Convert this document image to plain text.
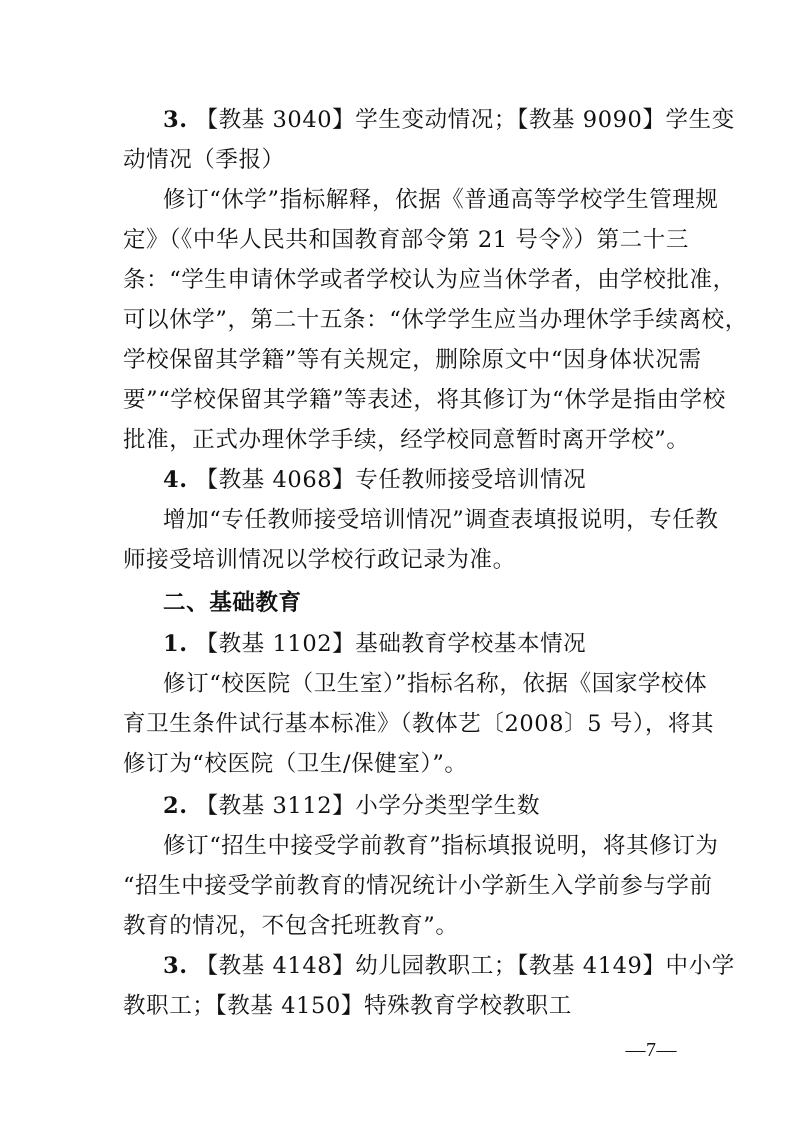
3. 【教基 3040】学生变动情况；【教基 9090】学生变
动情况（季报）
修订“休学”指标解释，依据《普通高等学校学生管理规
定》（《中华人民共和国教育部令第 21 号令》）第二十三
条：“学生申请休学或者学校认为应当休学者，由学校批准，
可以休学”，第二十五条：“休学学生应当办理休学手续离校，
学校保留其学籍”等有关规定，删除原文中“因身体状况需
要”“学校保留其学籍”等表述，将其修订为“休学是指由学校
批准，正式办理休学手续，经学校同意暂时离开学校”。
4. 【教基 4068】专任教师接受培训情况
增加“专任教师接受培训情况”调查表填报说明，专任教
师接受培训情况以学校行政记录为准。
二、基础教育
1. 【教基 1102】基础教育学校基本情况
修订“校医院（卫生室）”指标名称，依据《国家学校体
育卫生条件试行基本标准》（教体艺〔2008〕5 号），将其
修订为“校医院（卫生/保健室）”。
2. 【教基 3112】小学分类型学生数
修订“招生中接受学前教育”指标填报说明，将其修订为
“招生中接受学前教育的情况统计小学新生入学前参与学前
教育的情况，不包含托班教育”。
3. 【教基 4148】幼儿园教职工；【教基 4149】中小学
教职工；【教基 4150】特殊教育学校教职工
—7—
